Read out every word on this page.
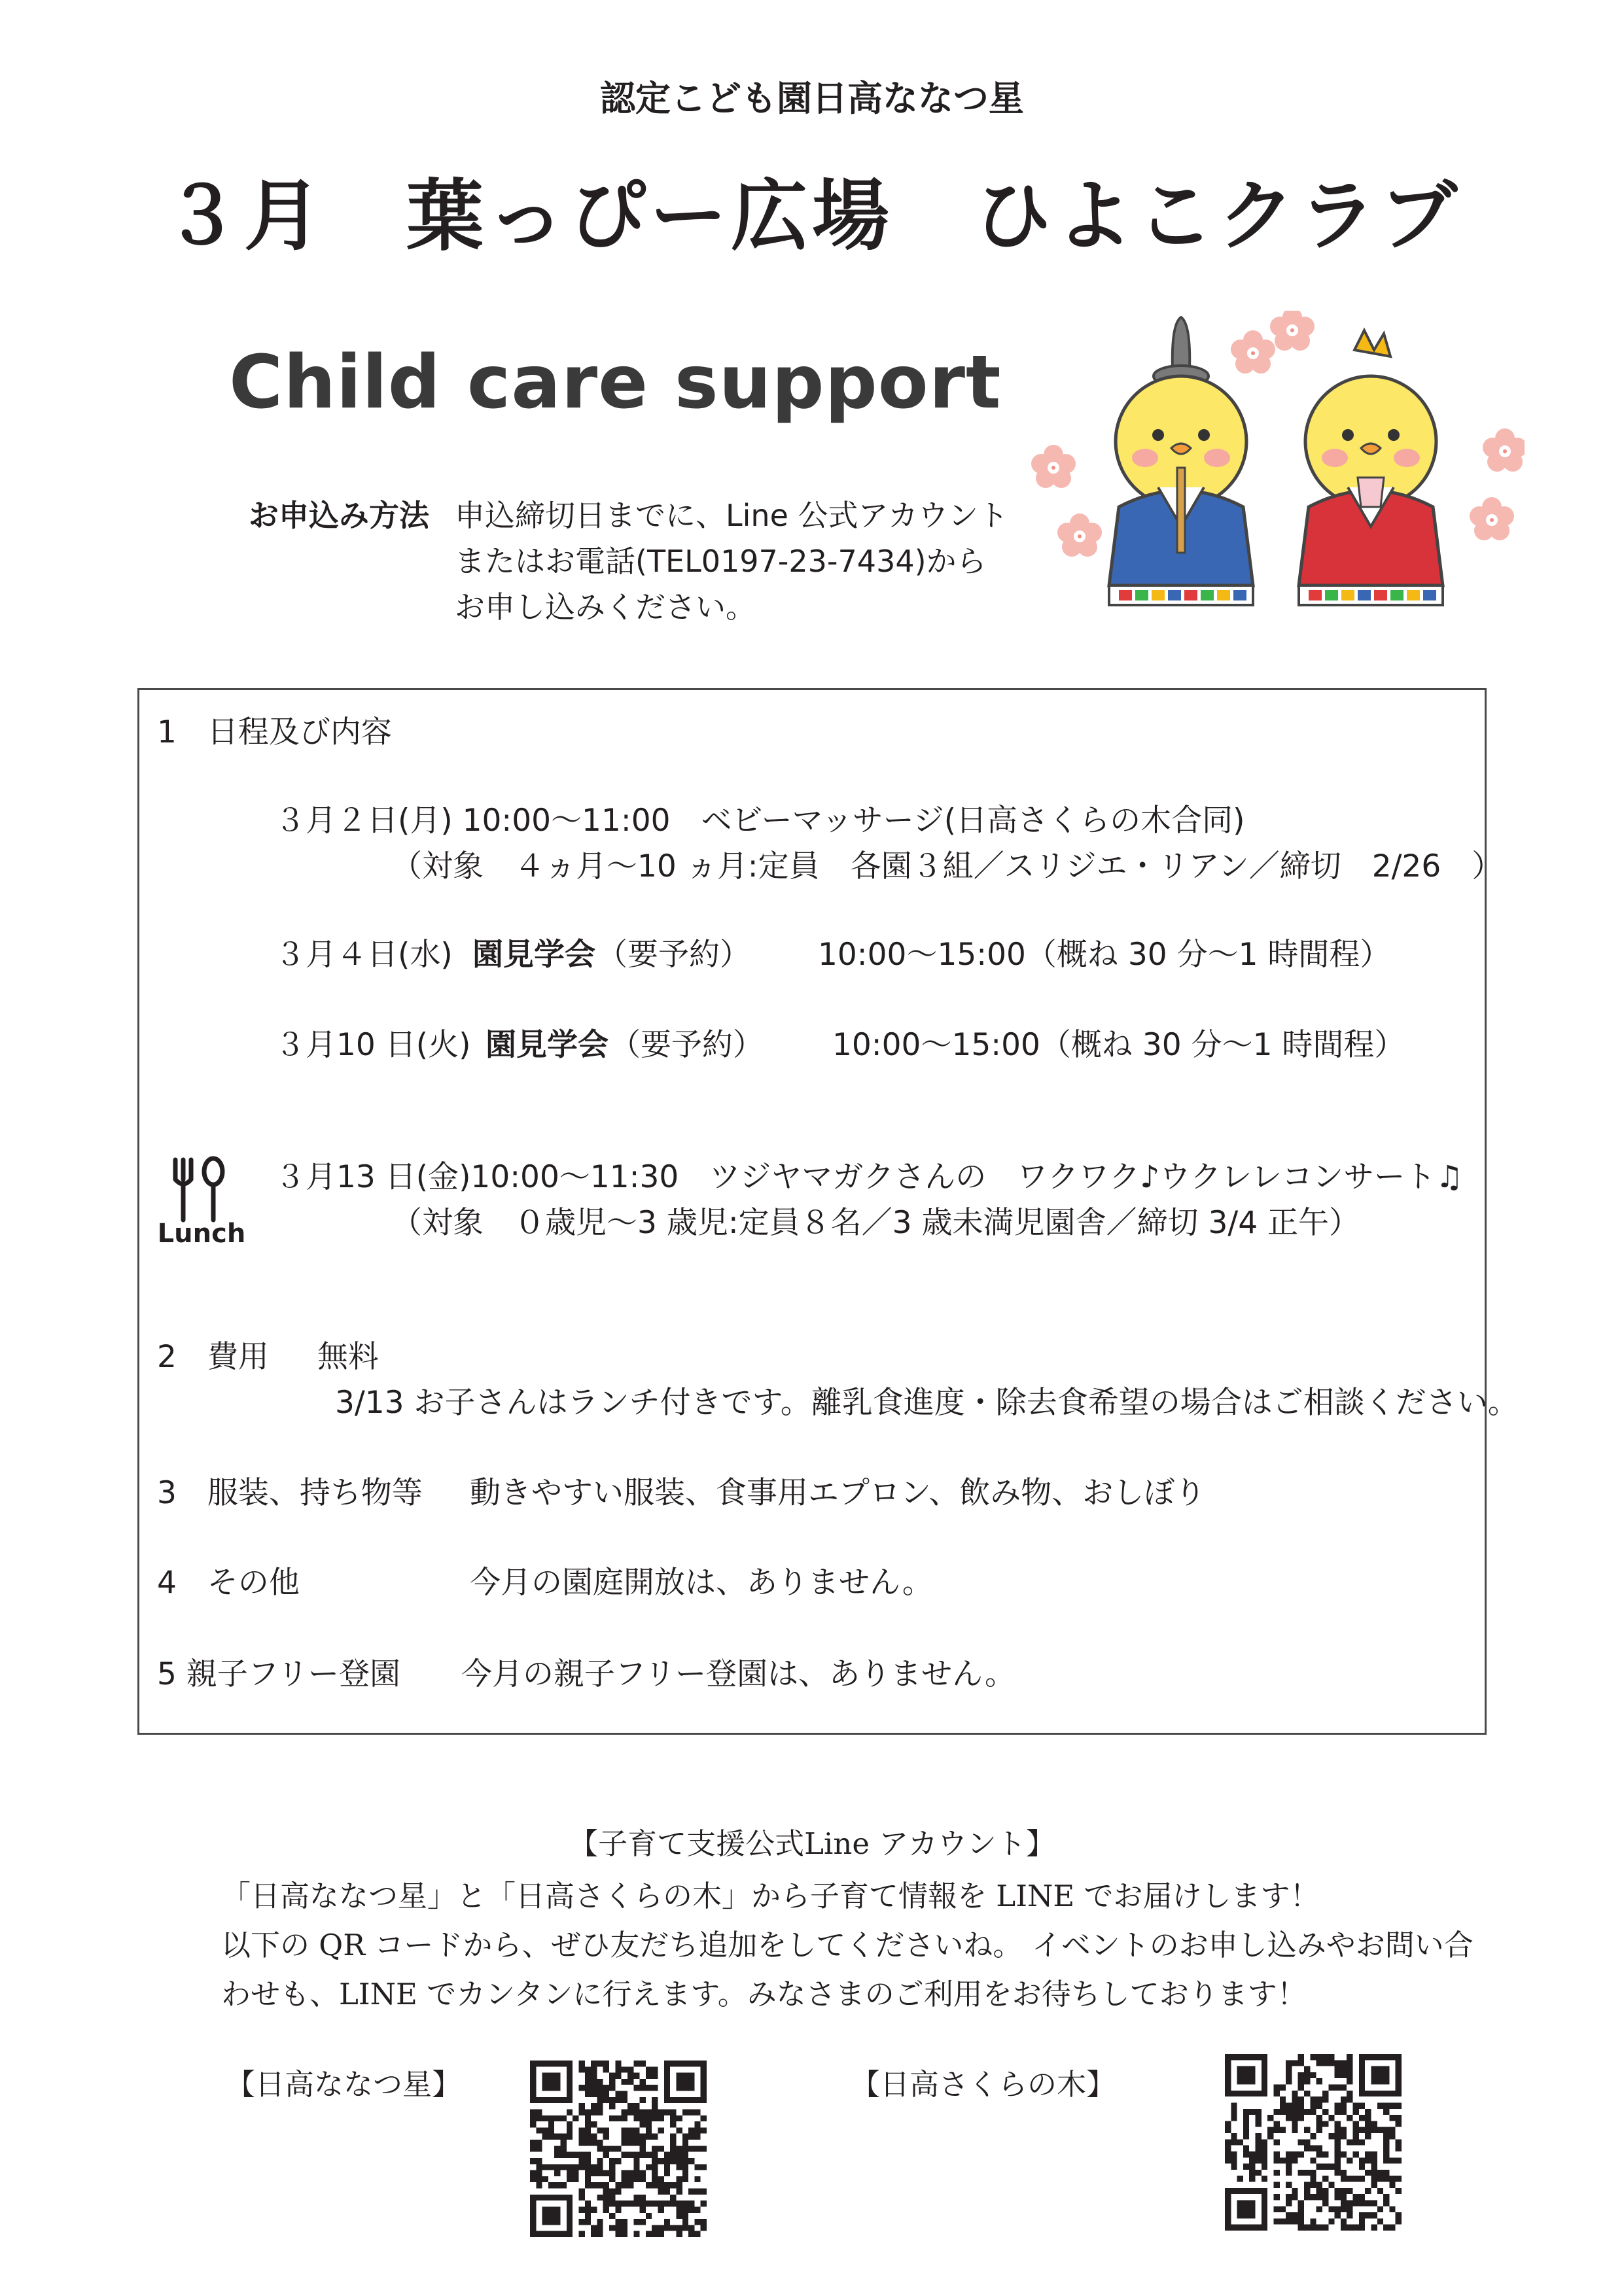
認定こども園日高ななつ星
３月　葉っぴー広場　ひよこクラブ
Child care support
お申込み方法 申込締切日までに、Line 公式アカウント
またはお電話(TEL0197-23-7434)から
お申し込みください。
1　日程及び内容
３月２日(月) 10:00～11:00　ベビーマッサージ(日高さくらの木合同)
（対象　４ヵ月～10 ヵ月:定員　各園３組／スリジエ・リアン／締切　2/26　）
３月４日(水) 園見学会 （要予約） 10:00～15:00（概ね 30 分～1 時間程）
３月10 日(火) 園見学会 （要予約） 10:00～15:00（概ね 30 分～1 時間程）
Lunch
３月13 日(金)10:00～11:30　ツジヤマガクさんの　ワクワク♪ウクレレコンサート♫
（対象　０歳児～3 歳児:定員８名／3 歳未満児園舎／締切 3/4 正午）
2　費用 無料
3/13 お子さんはランチ付きです。離乳食進度・除去食希望の場合はご相談ください。
3　服装、持ち物等 動きやすい服装、食事用エプロン、飲み物、おしぼり
4　その他	今月の園庭開放は、ありません。
5 親子フリー登園 今月の親子フリー登園は、ありません。
【子育て支援公式Line アカウント】
「日高ななつ星」と「日高さくらの木」から子育て情報を LINE でお届けします！
以下の QR コードから、ぜひ友だち追加をしてくださいね。 イベントのお申し込みやお問い合
わせも、LINE でカンタンに行えます。みなさまのご利用をお待ちしております！
【日高ななつ星】	【日高さくらの木】
